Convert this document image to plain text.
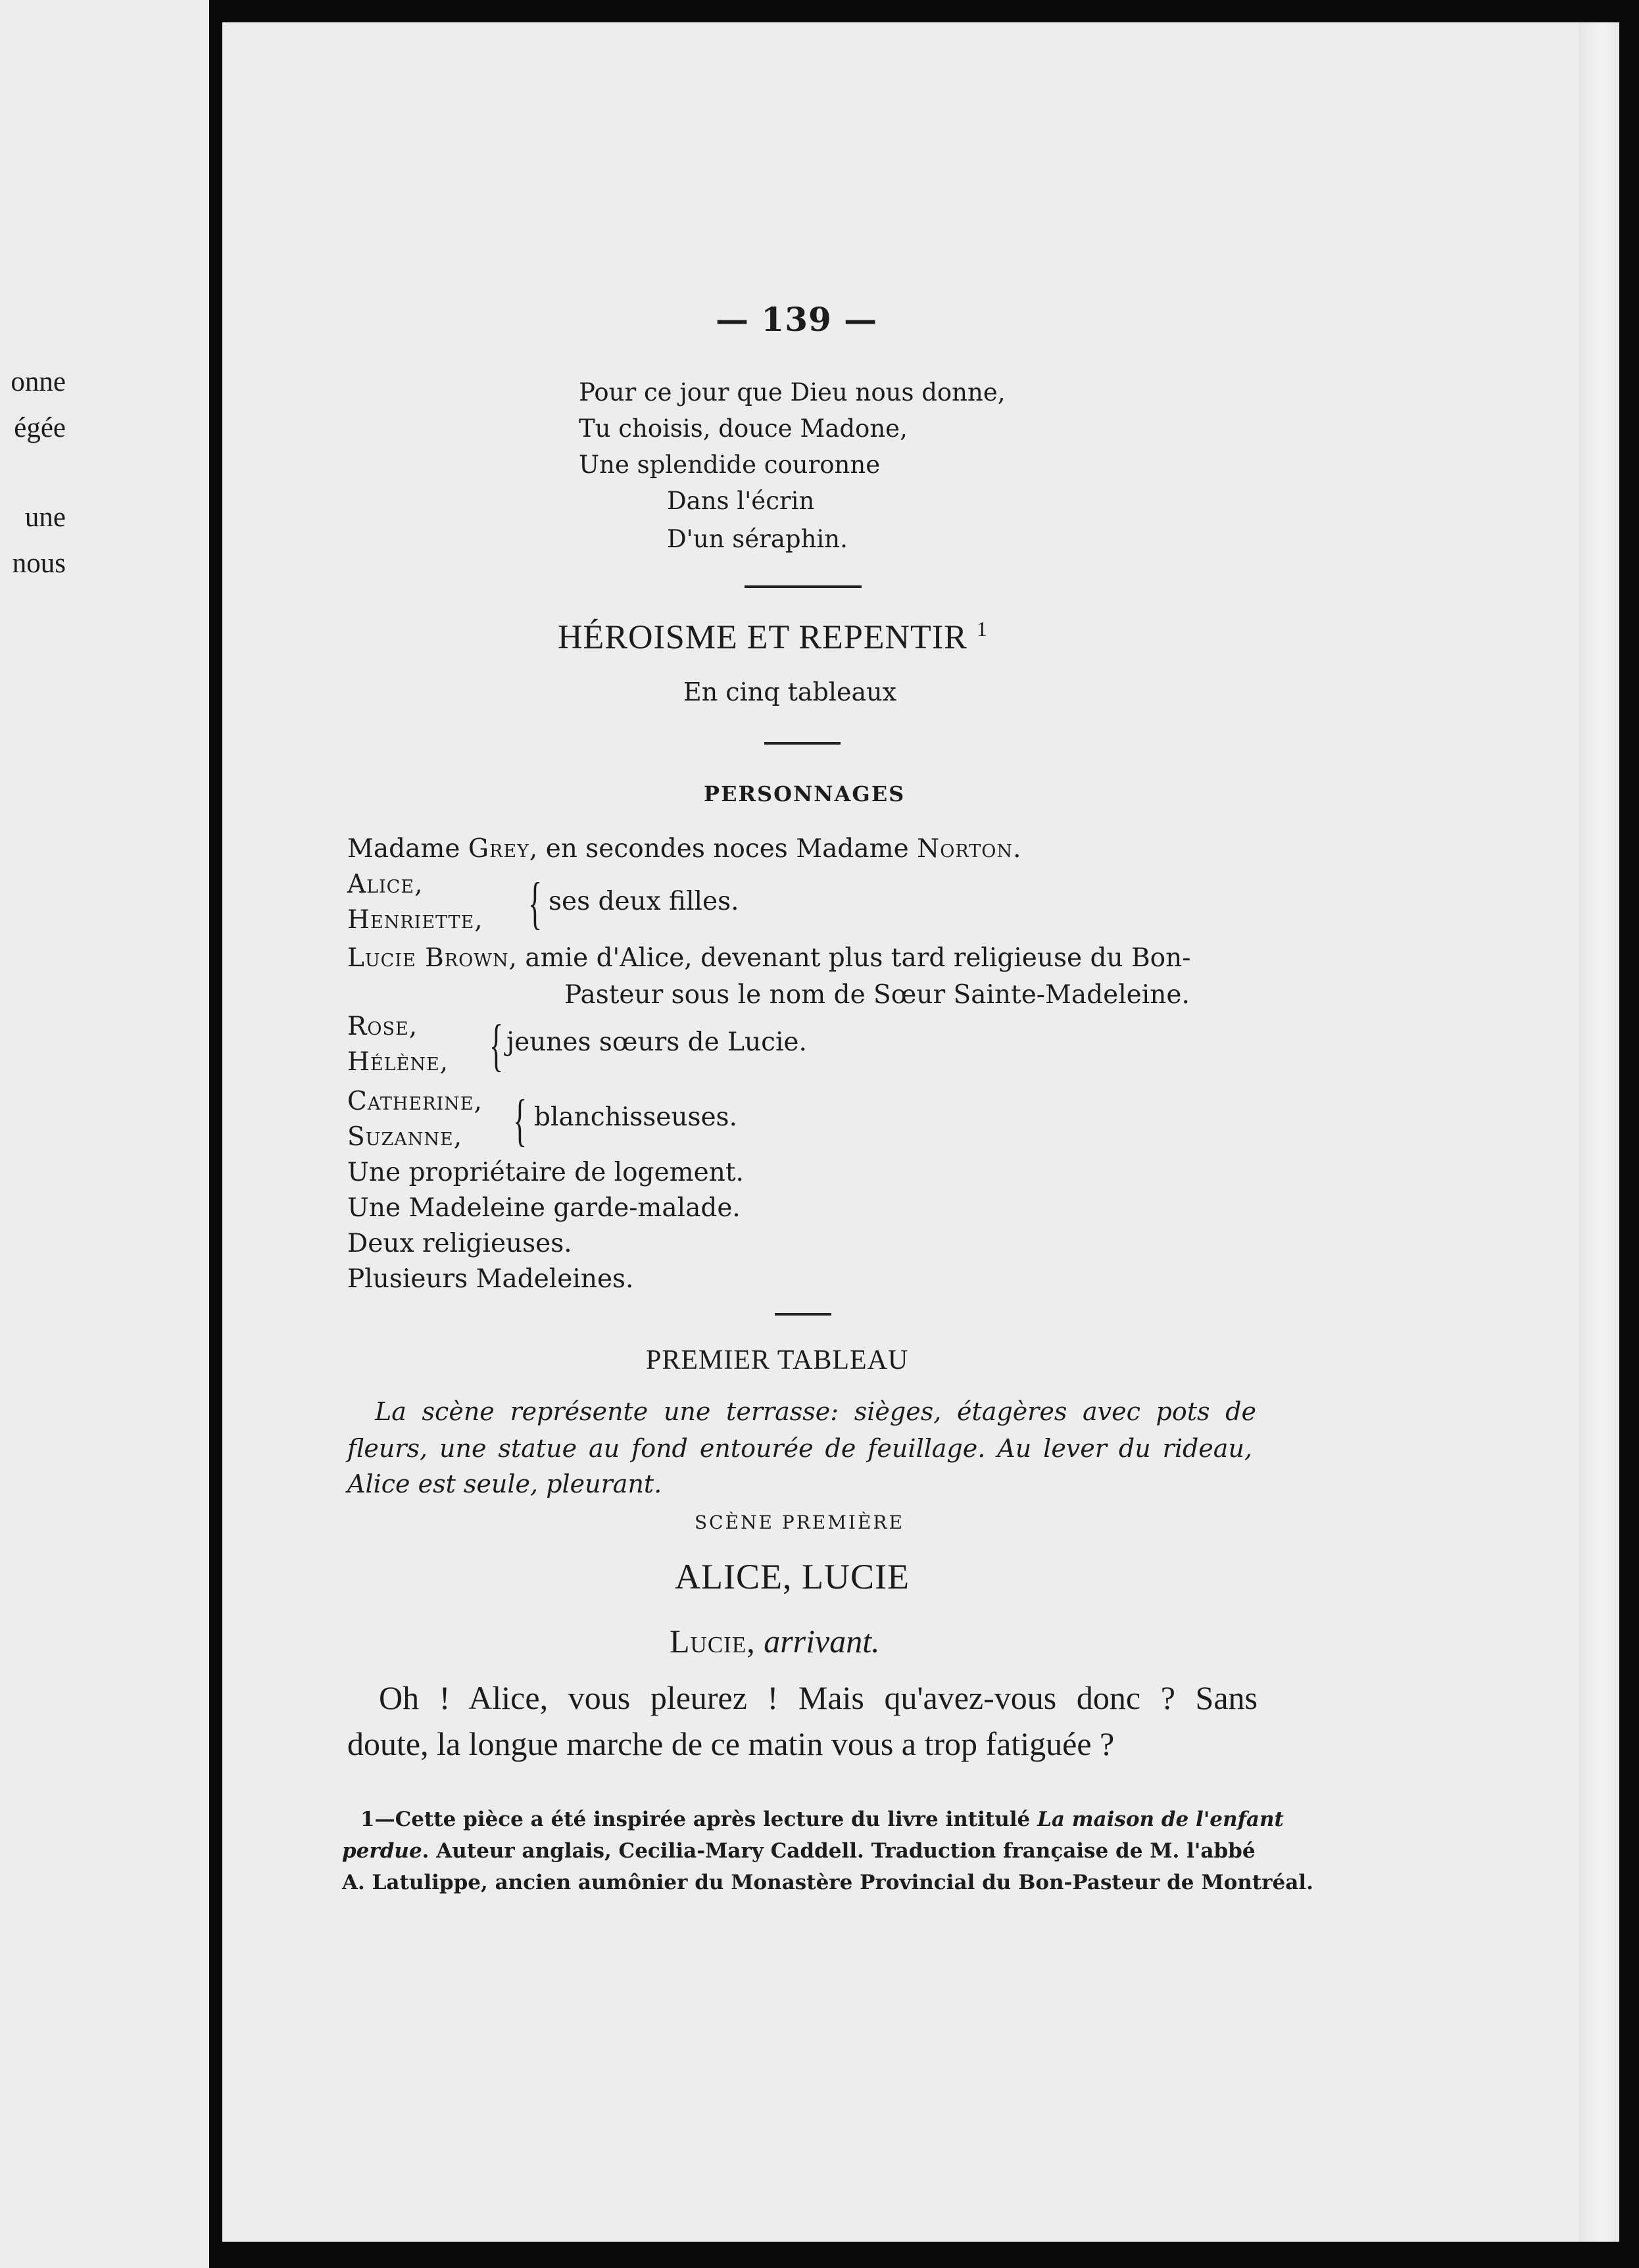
onne
égée
une
nous
— 139 —
Pour ce jour que Dieu nous donne,
Tu choisis, douce Madone,
Une splendide couronne
Dans l'écrin
D'un séraphin.
HÉROISME ET REPENTIR $^1$
En cinq tableaux
PERSONNAGES
Madame Grey, en secondes noces Madame Norton.
Alice,
Henriette, { ses deux filles.
Lucie Brown, amie d'Alice, devenant plus tard religieuse du Bon-
Pasteur sous le nom de Sœur Sainte-Madeleine.
Rose,
Hélène, { jeunes sœurs de Lucie.
Catherine,
Suzanne, { blanchisseuses.
Une propriétaire de logement.
Une Madeleine garde-malade.
Deux religieuses.
Plusieurs Madeleines.
PREMIER TABLEAU
La scène représente une terrasse: sièges, étagères avec pots de
fleurs, une statue au fond entourée de feuillage. Au lever du rideau,
Alice est seule, pleurant.
SCÈNE PREMIÈRE
ALICE, LUCIE
Lucie, arrivant.
Oh ! Alice, vous pleurez ! Mais qu'avez-vous donc ? Sans
doute, la longue marche de ce matin vous a trop fatiguée ?
1—Cette pièce a été inspirée après lecture du livre intitulé La maison de l'enfant
perdue. Auteur anglais, Cecilia-Mary Caddell. Traduction française de M. l'abbé
A. Latulippe, ancien aumônier du Monastère Provincial du Bon-Pasteur de Montréal.
